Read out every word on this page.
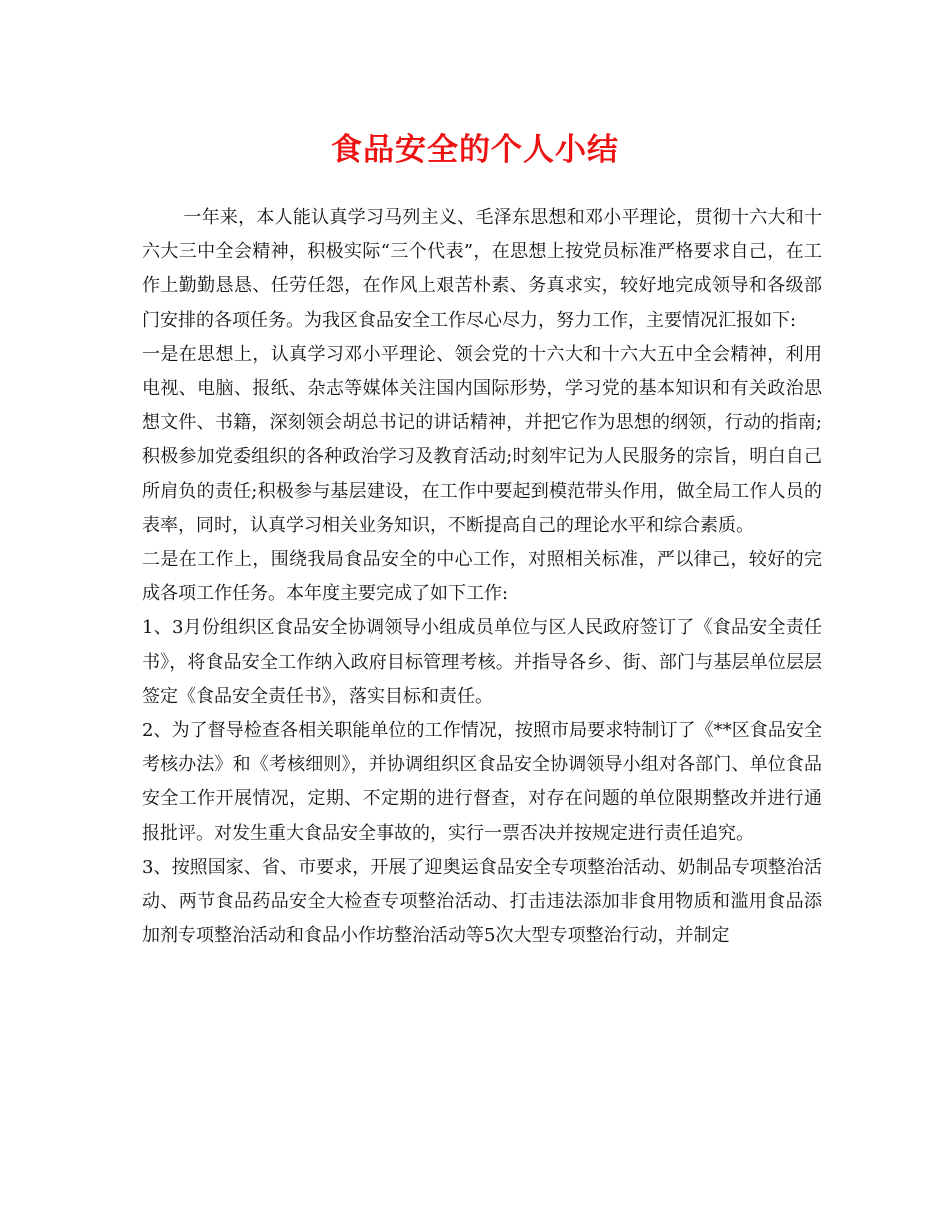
食品安全的个人小结

一年来，本人能认真学习马列主义、毛泽东思想和邓小平理论，贯彻十六大和十六大三中全会精神，积极实际“三个代表”，在思想上按党员标准严格要求自己，在工作上勤勤恳恳、任劳任怨，在作风上艰苦朴素、务真求实，较好地完成领导和各级部门安排的各项任务。为我区食品安全工作尽心尽力，努力工作，主要情况汇报如下:

一是在思想上，认真学习邓小平理论、领会党的十六大和十六大五中全会精神，利用电视、电脑、报纸、杂志等媒体关注国内国际形势，学习党的基本知识和有关政治思想文件、书籍，深刻领会胡总书记的讲话精神，并把它作为思想的纲领，行动的指南;积极参加党委组织的各种政治学习及教育活动;时刻牢记为人民服务的宗旨，明白自己所肩负的责任;积极参与基层建设，在工作中要起到模范带头作用，做全局工作人员的表率，同时，认真学习相关业务知识，不断提高自己的理论水平和综合素质。

二是在工作上，围绕我局食品安全的中心工作，对照相关标准，严以律己，较好的完成各项工作任务。本年度主要完成了如下工作:

1、3月份组织区食品安全协调领导小组成员单位与区人民政府签订了《食品安全责任书》，将食品安全工作纳入政府目标管理考核。并指导各乡、街、部门与基层单位层层签定《食品安全责任书》，落实目标和责任。

2、为了督导检查各相关职能单位的工作情况，按照市局要求特制订了《**区食品安全考核办法》和《考核细则》，并协调组织区食品安全协调领导小组对各部门、单位食品安全工作开展情况，定期、不定期的进行督查，对存在问题的单位限期整改并进行通报批评。对发生重大食品安全事故的，实行一票否决并按规定进行责任追究。

3、按照国家、省、市要求，开展了迎奥运食品安全专项整治活动、奶制品专项整治活动、两节食品药品安全大检查专项整治活动、打击违法添加非食用物质和滥用食品添加剂专项整治活动和食品小作坊整治活动等5次大型专项整治行动，并制定
